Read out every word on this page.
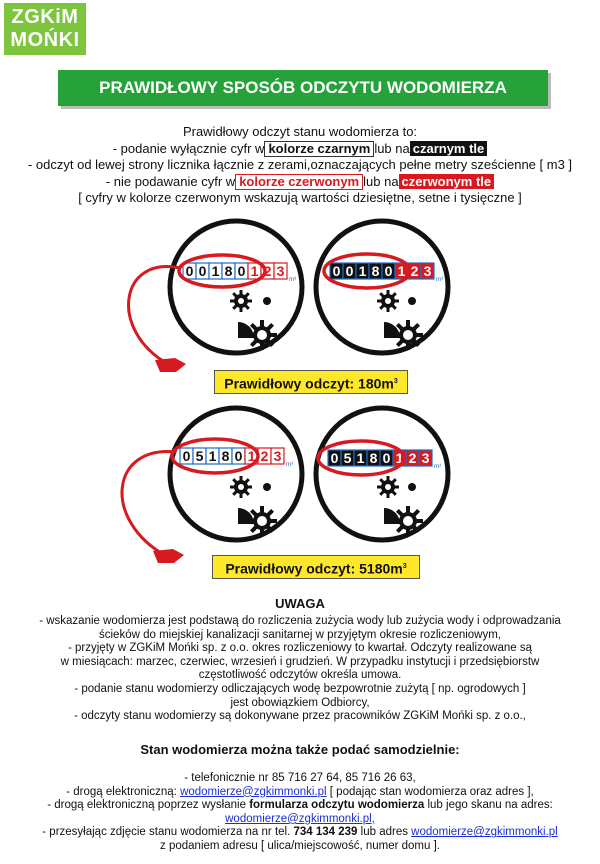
ZGKiM
MOŃKI
PRAWIDŁOWY SPOSÓB ODCZYTU WODOMIERZA
Prawidłowy odczyt stanu wodomierza to:
- podanie wyłącznie cyfr w kolorze czarnym lub na czarnym tle
- odczyt od lewej strony licznika łącznie z zerami,oznaczających pełne metry sześcienne [ m3 ]
- nie podawanie cyfr w kolorze czerwonym lub na czerwonym tle
[ cyfry w kolorze czerwonym wskazują wartości dziesiętne, setne i tysięczne ]
0 0 1 8 0 1 2 3
m³
0 0 1 8 0 1 2 3
m³
0 5 1 8 0 1 2 3
m³	0 5 1 8 0 1 2 3
m³
Prawidłowy odczyt: $180m^3$
Prawidłowy odczyt: $5180m^3$
UWAGA
- wskazanie wodomierza jest podstawą do rozliczenia zużycia wody lub zużycia wody i odprowadzania
ścieków do miejskiej kanalizacji sanitarnej w przyjętym okresie rozliczeniowym,
- przyjęty w ZGKiM Mońki sp. z o.o. okres rozliczeniowy to kwartał. Odczyty realizowane są
w miesiącach: marzec, czerwiec, wrzesień i grudzień. W przypadku instytucji i przedsiębiorstw
częstotliwość odczytów określa umowa.
- podanie stanu wodomierzy odliczających wodę bezpowrotnie zużytą [ np. ogrodowych ]
jest obowiązkiem Odbiorcy,
- odczyty stanu wodomierzy są dokonywane przez pracowników ZGKiM Mońki sp. z o.o.,
Stan wodomierza można także podać samodzielnie:
- telefonicznie nr 85 716 27 64, 85 716 26 63,
- drogą elektroniczną: wodomierze@zgkimmonki.pl [ podając stan wodomierza oraz adres ],
- drogą elektroniczną poprzez wysłanie formularza odczytu wodomierza lub jego skanu na adres:
wodomierze@zgkimmonki.pl,
- przesyłając zdjęcie stanu wodomierza na nr tel. 734 134 239 lub adres wodomierze@zgkimmonki.pl
z podaniem adresu [ ulica/miejscowość, numer domu ].
